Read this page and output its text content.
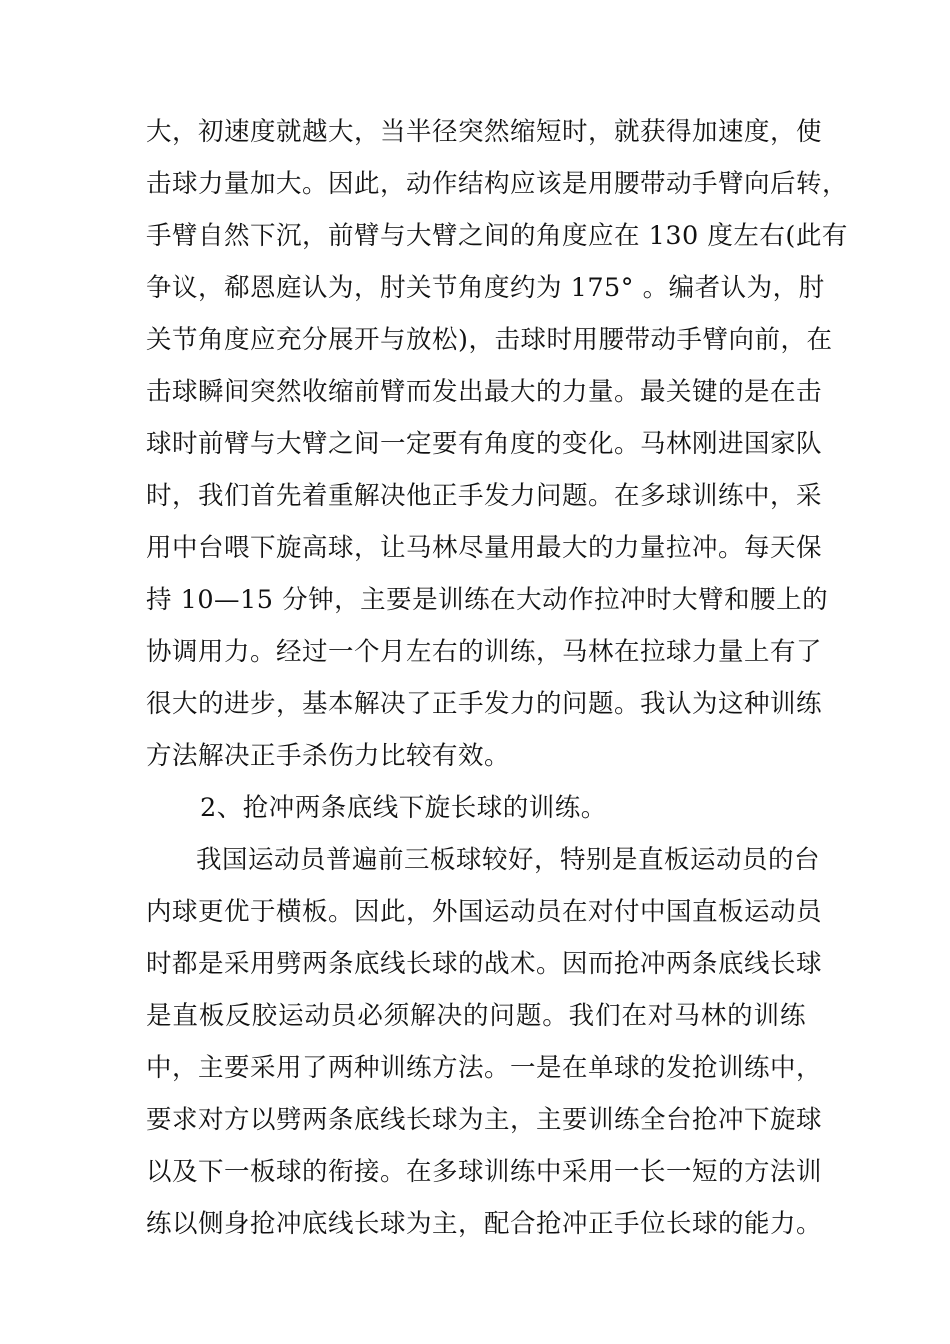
大，初速度就越大，当半径突然缩短时，就获得加速度，使
击球力量加大。因此，动作结构应该是用腰带动手臂向后转，
手臂自然下沉，前臂与大臂之间的角度应在 130 度左右(此有
争议，郗恩庭认为，肘关节角度约为 175° 。编者认为，肘
关节角度应充分展开与放松)，击球时用腰带动手臂向前，在
击球瞬间突然收缩前臂而发出最大的力量。最关键的是在击
球时前臂与大臂之间一定要有角度的变化。马林刚进国家队
时，我们首先着重解决他正手发力问题。在多球训练中，采
用中台喂下旋高球，让马林尽量用最大的力量拉冲。每天保
持 10—15 分钟，主要是训练在大动作拉冲时大臂和腰上的
协调用力。经过一个月左右的训练，马林在拉球力量上有了
很大的进步，基本解决了正手发力的问题。我认为这种训练
方法解决正手杀伤力比较有效。
2、抢冲两条底线下旋长球的训练。
我国运动员普遍前三板球较好，特别是直板运动员的台
内球更优于横板。因此，外国运动员在对付中国直板运动员
时都是采用劈两条底线长球的战术。因而抢冲两条底线长球
是直板反胶运动员必须解决的问题。我们在对马林的训练
中，主要采用了两种训练方法。一是在单球的发抢训练中，
要求对方以劈两条底线长球为主，主要训练全台抢冲下旋球
以及下一板球的衔接。在多球训练中采用一长一短的方法训
练以侧身抢冲底线长球为主，配合抢冲正手位长球的能力。
